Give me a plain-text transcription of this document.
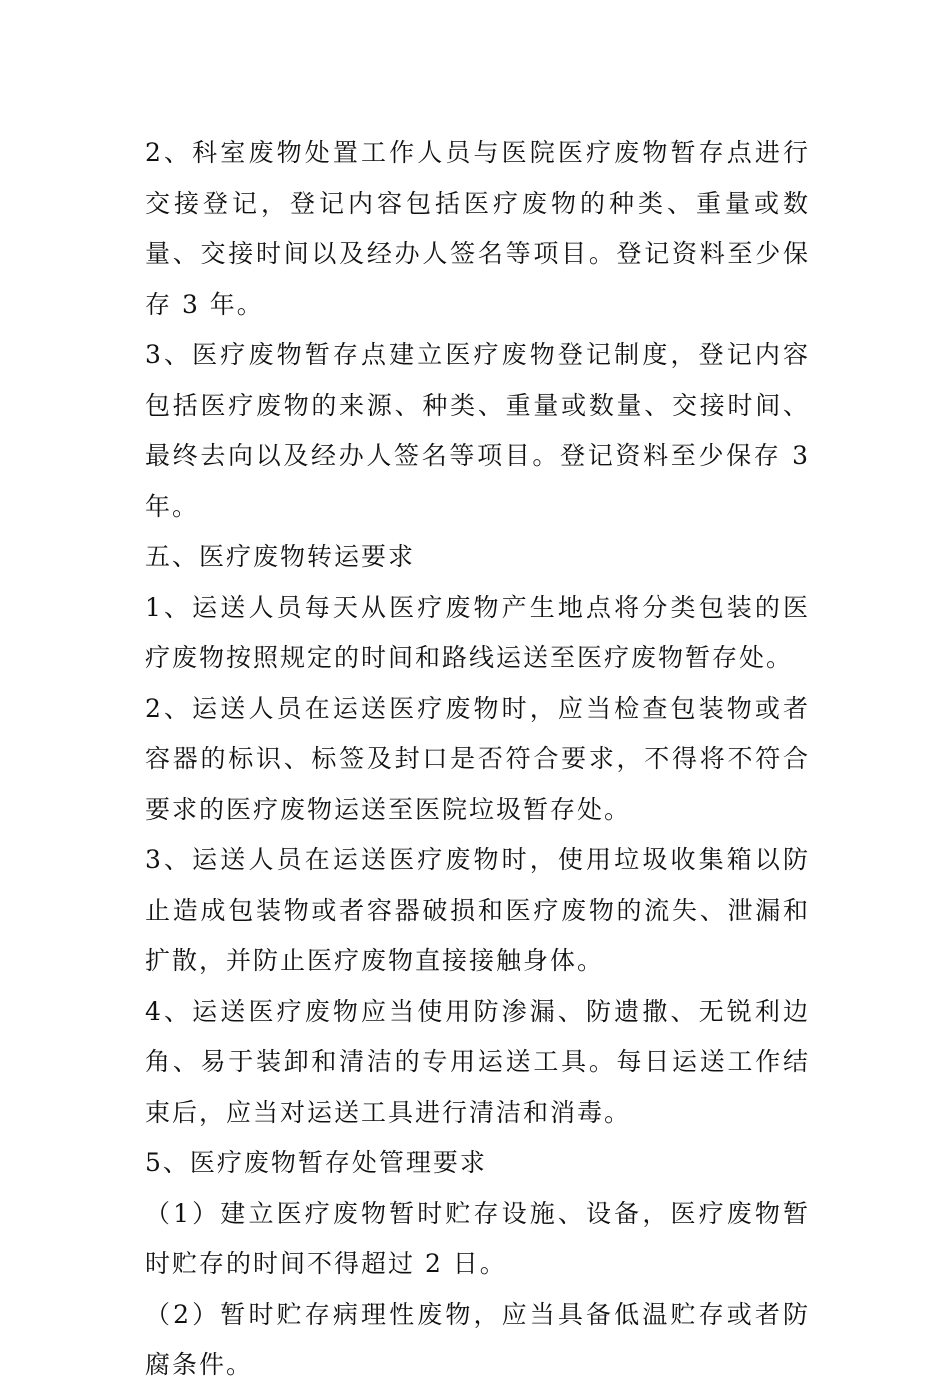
2、科室废物处置工作人员与医院医疗废物暂存点进行交接登记，登记内容包括医疗废物的种类、重量或数量、交接时间以及经办人签名等项目。登记资料至少保存 3 年。

3、医疗废物暂存点建立医疗废物登记制度，登记内容包括医疗废物的来源、种类、重量或数量、交接时间、最终去向以及经办人签名等项目。登记资料至少保存 3 年。

五、医疗废物转运要求

1、运送人员每天从医疗废物产生地点将分类包装的医疗废物按照规定的时间和路线运送至医疗废物暂存处。

2、运送人员在运送医疗废物时，应当检查包装物或者容器的标识、标签及封口是否符合要求，不得将不符合要求的医疗废物运送至医院垃圾暂存处。

3、运送人员在运送医疗废物时，使用垃圾收集箱以防止造成包装物或者容器破损和医疗废物的流失、泄漏和扩散，并防止医疗废物直接接触身体。

4、运送医疗废物应当使用防渗漏、防遗撒、无锐利边角、易于装卸和清洁的专用运送工具。每日运送工作结束后，应当对运送工具进行清洁和消毒。

5、医疗废物暂存处管理要求

（1）建立医疗废物暂时贮存设施、设备，医疗废物暂时贮存的时间不得超过 2 日。

（2）暂时贮存病理性废物，应当具备低温贮存或者防腐条件。
